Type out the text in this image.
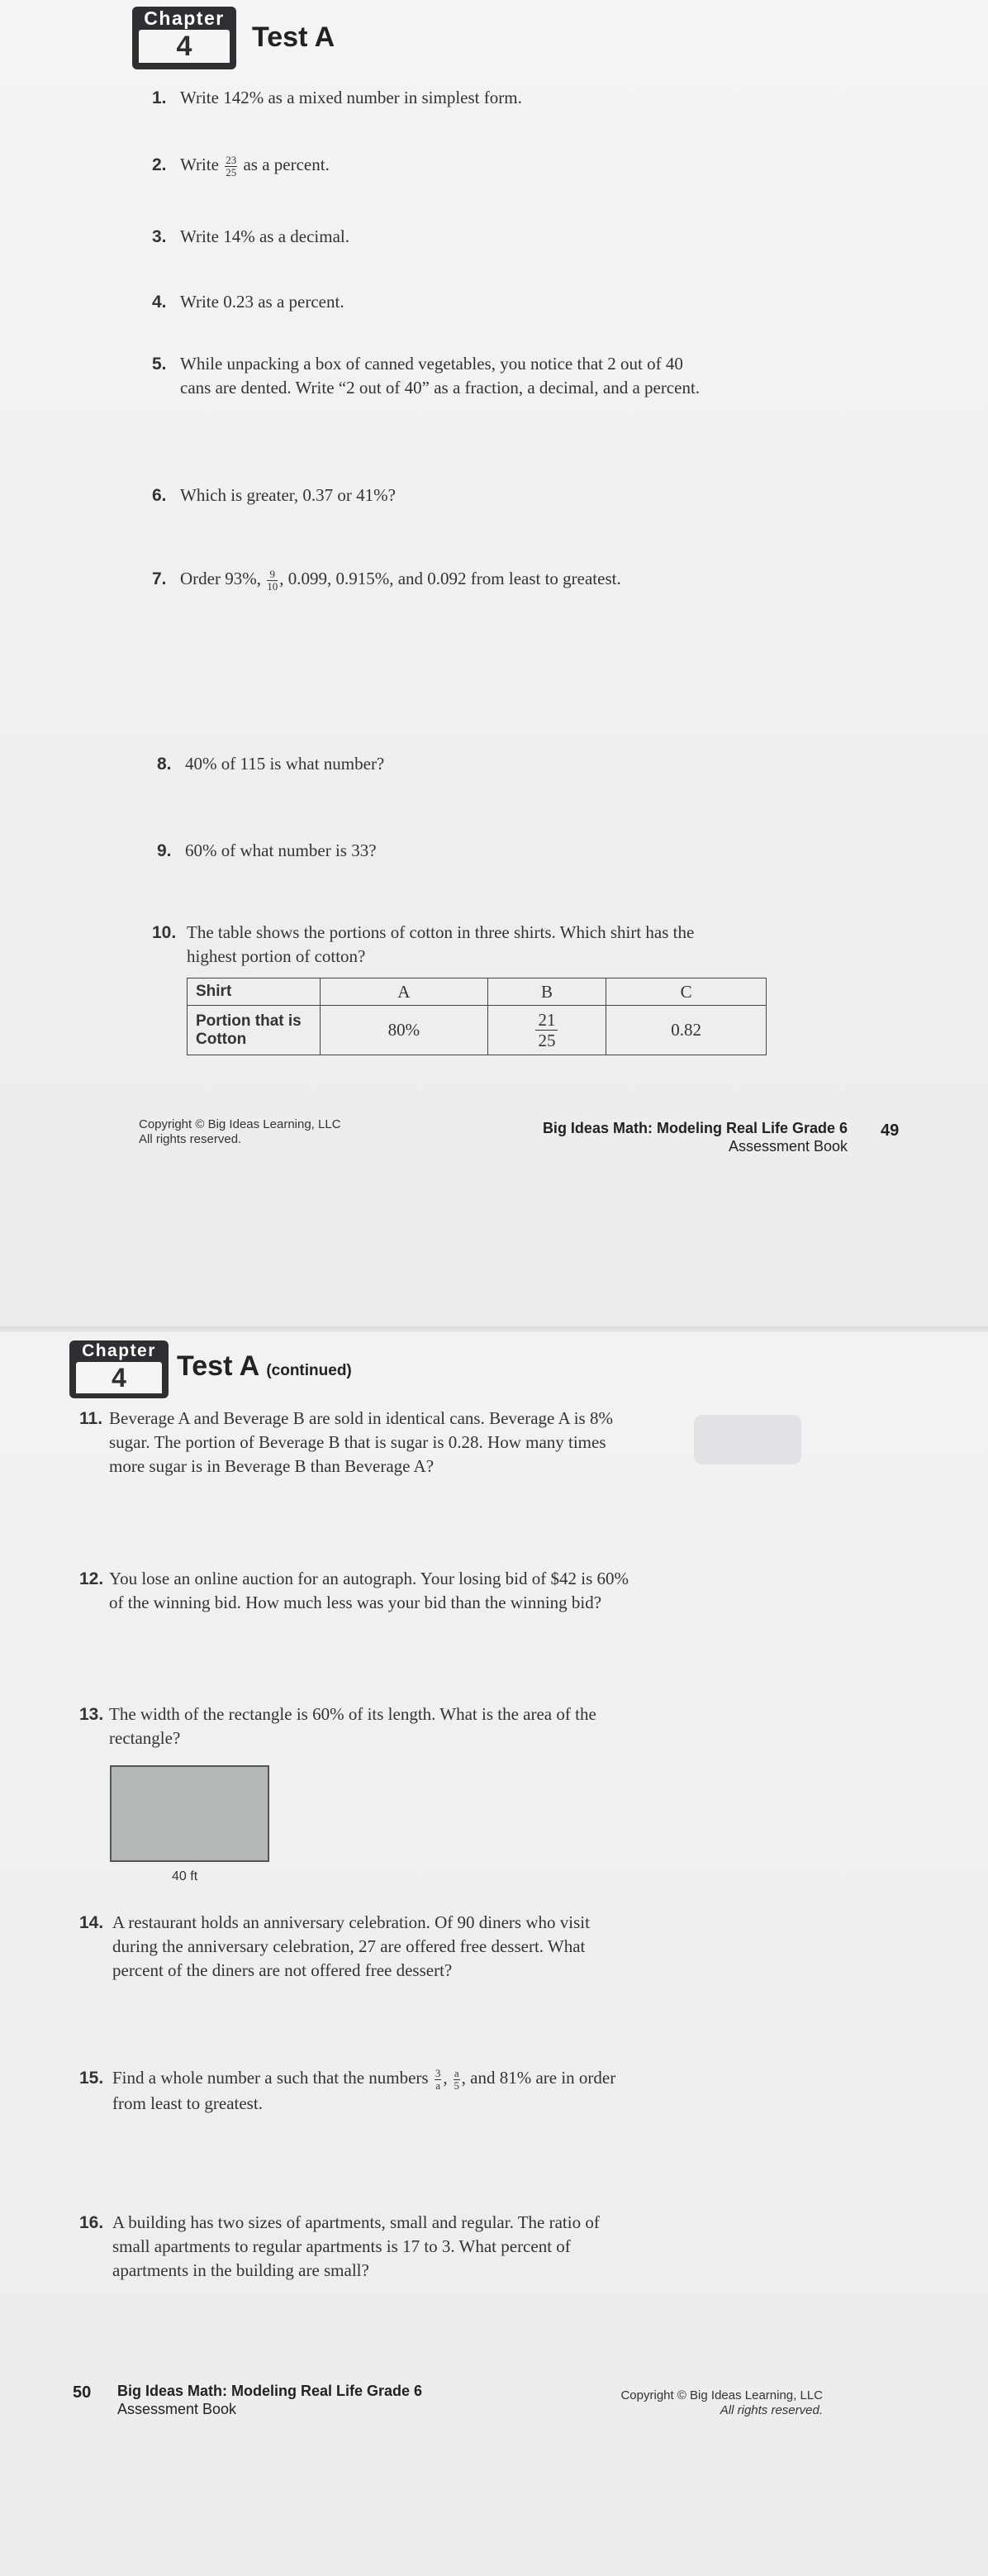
Chapter
4	Test A
1. Write 142% as a mixed number in simplest form.
2. Write $\frac{23}{25}$ as a percent.
3. Write 14% as a decimal.
4. Write 0.23 as a percent.
5. While unpacking a box of canned vegetables, you notice that 2 out of 40
cans are dented. Write “2 out of 40” as a fraction, a decimal, and a percent.
6. Which is greater, 0.37 or 41%?
7. Order 93%, $\frac{9}{10}$ , 0.099, 0.915%, and 0.092 from least to greatest.
8. 40% of 115 is what number?
9. 60% of what number is 33?
10. The table shows the portions of cotton in three shirts. Which shirt has the
highest portion of cotton?
Shirt	A	B	C
Portion that is
Cotton	80%	$\frac{21}{25}$	0.82
Copyright © Big Ideas Learning, LLC
All rights reserved.
Big Ideas Math: Modeling Real Life Grade 6
Assessment Book
49
Chapter
4	Test A (continued)
11. Beverage A and Beverage B are sold in identical cans. Beverage A is 8%
sugar. The portion of Beverage B that is sugar is 0.28. How many times
more sugar is in Beverage B than Beverage A?
12. You lose an online auction for an autograph. Your losing bid of $42 is 60%
of the winning bid. How much less was your bid than the winning bid?
13. The width of the rectangle is 60% of its length. What is the area of the
rectangle?
40 ft
14. A restaurant holds an anniversary celebration. Of 90 diners who visit
during the anniversary celebration, 27 are offered free dessert. What
percent of the diners are not offered free dessert?
15. Find a whole number a such that the numbers $\frac{3}{a}$ , $\frac{a}{5}$ , and 81% are in order
from least to greatest.
16. A building has two sizes of apartments, small and regular. The ratio of
small apartments to regular apartments is 17 to 3. What percent of
apartments in the building are small?
50 Big Ideas Math: Modeling Real Life Grade 6
Assessment Book
Copyright © Big Ideas Learning, LLC
All rights reserved.
